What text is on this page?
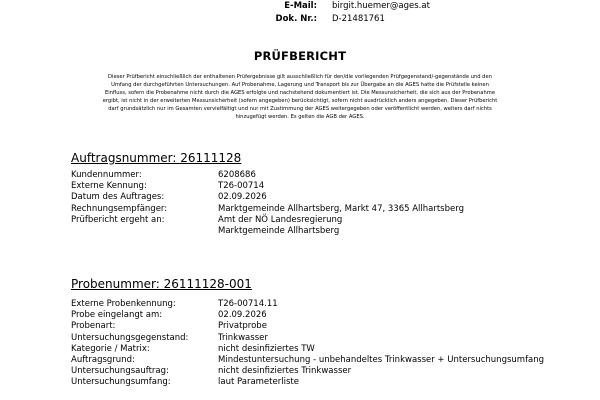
E-Mail: birgit.huemer@ages.at
Dok. Nr.: D-21481761
PRÜFBERICHT
Dieser Prüfbericht einschließlich der enthaltenen Prüfergebnisse gilt ausschließlich für den/die vorliegenden Prüfgegenstand/-gegenstände und den
Umfang der durchgeführten Untersuchungen. Auf Probenahme, Lagerung und Transport bis zur Übergabe an die AGES hatte die Prüfstelle keinen
Einfluss, sofern die Probenahme nicht durch die AGES erfolgte und nachstehend dokumentiert ist. Die Messunsicherheit, die sich aus der Probenahme
ergibt, ist nicht in der erweiterten Messunsicherheit (sofern angegeben) berücksichtigt, sofern nicht ausdrücklich anders angegeben. Dieser Prüfbericht
darf grundsätzlich nur im Gesamten vervielfältigt und nur mit Zustimmung der AGES weitergegeben oder veröffentlicht werden, weiters darf nichts
hinzugefügt werden. Es gelten die AGB der AGES.
Auftragsnummer: 26111128
Kundennummer:	6208686
Externe Kennung:	T26-00714
Datum des Auftrages:	02.09.2026
Rechnungsempfänger:	Marktgemeinde Allhartsberg, Markt 47, 3365 Allhartsberg
Prüfbericht ergeht an:	Amt der NÖ Landesregierung
Marktgemeinde Allhartsberg
Probenummer: 26111128-001
Externe Probenkennung:	T26-00714.11
Probe eingelangt am:	02.09.2026
Probenart:	Privatprobe
Untersuchungsgegenstand:	Trinkwasser
Kategorie / Matrix:	nicht desinfiziertes TW
Auftragsgrund:	Mindestuntersuchung - unbehandeltes Trinkwasser + Untersuchungsumfang
Untersuchungsauftrag:	nicht desinfiziertes Trinkwasser
Untersuchungsumfang:	laut Parameterliste
